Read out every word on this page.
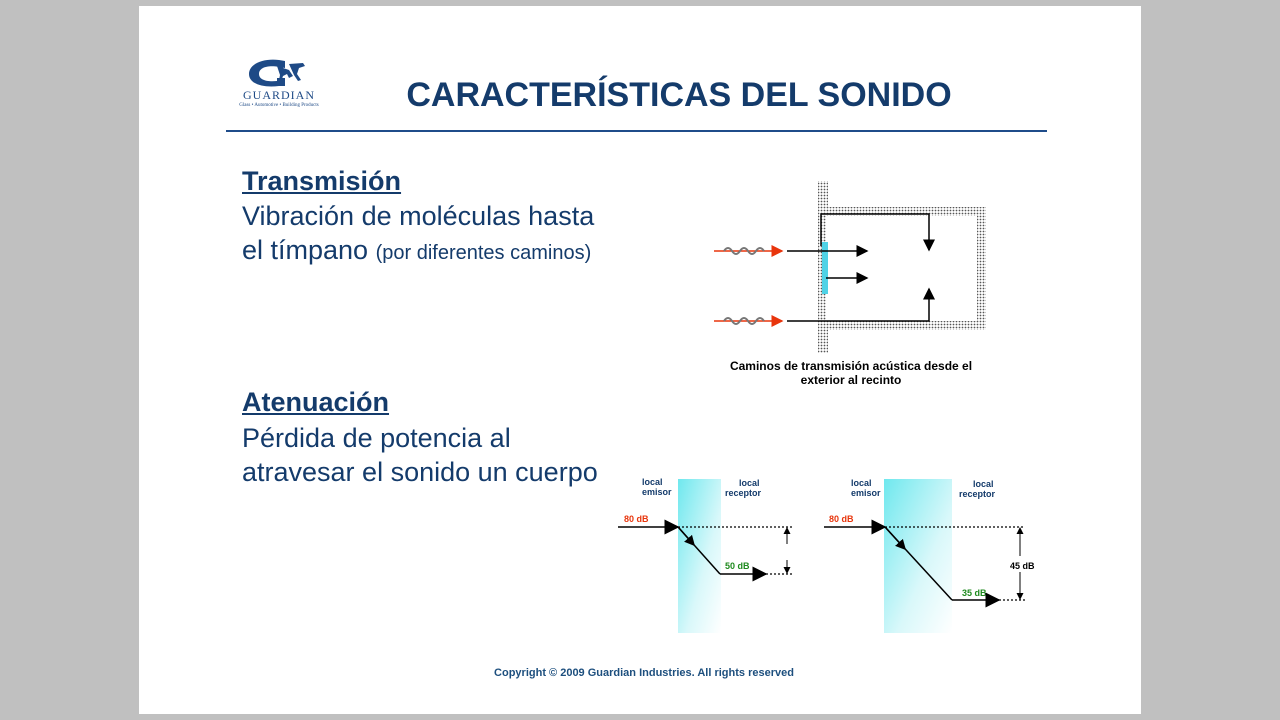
GUARDIAN
Glass • Automotive • Building Products	CARACTERÍSTICAS DEL SONIDO
Transmisión
Vibración de moléculas hasta
el tímpano (por diferentes caminos)
Caminos de transmisión acústica desde el
exterior al recinto
Atenuación
Pérdida de potencia al
atravesar el sonido un cuerpo	local
emisor
local
receptor
80 dB
50 dB
local
emisor
local
receptor
80 dB
35 dB
45 dB
Copyright © 2009 Guardian Industries. All rights reserved
